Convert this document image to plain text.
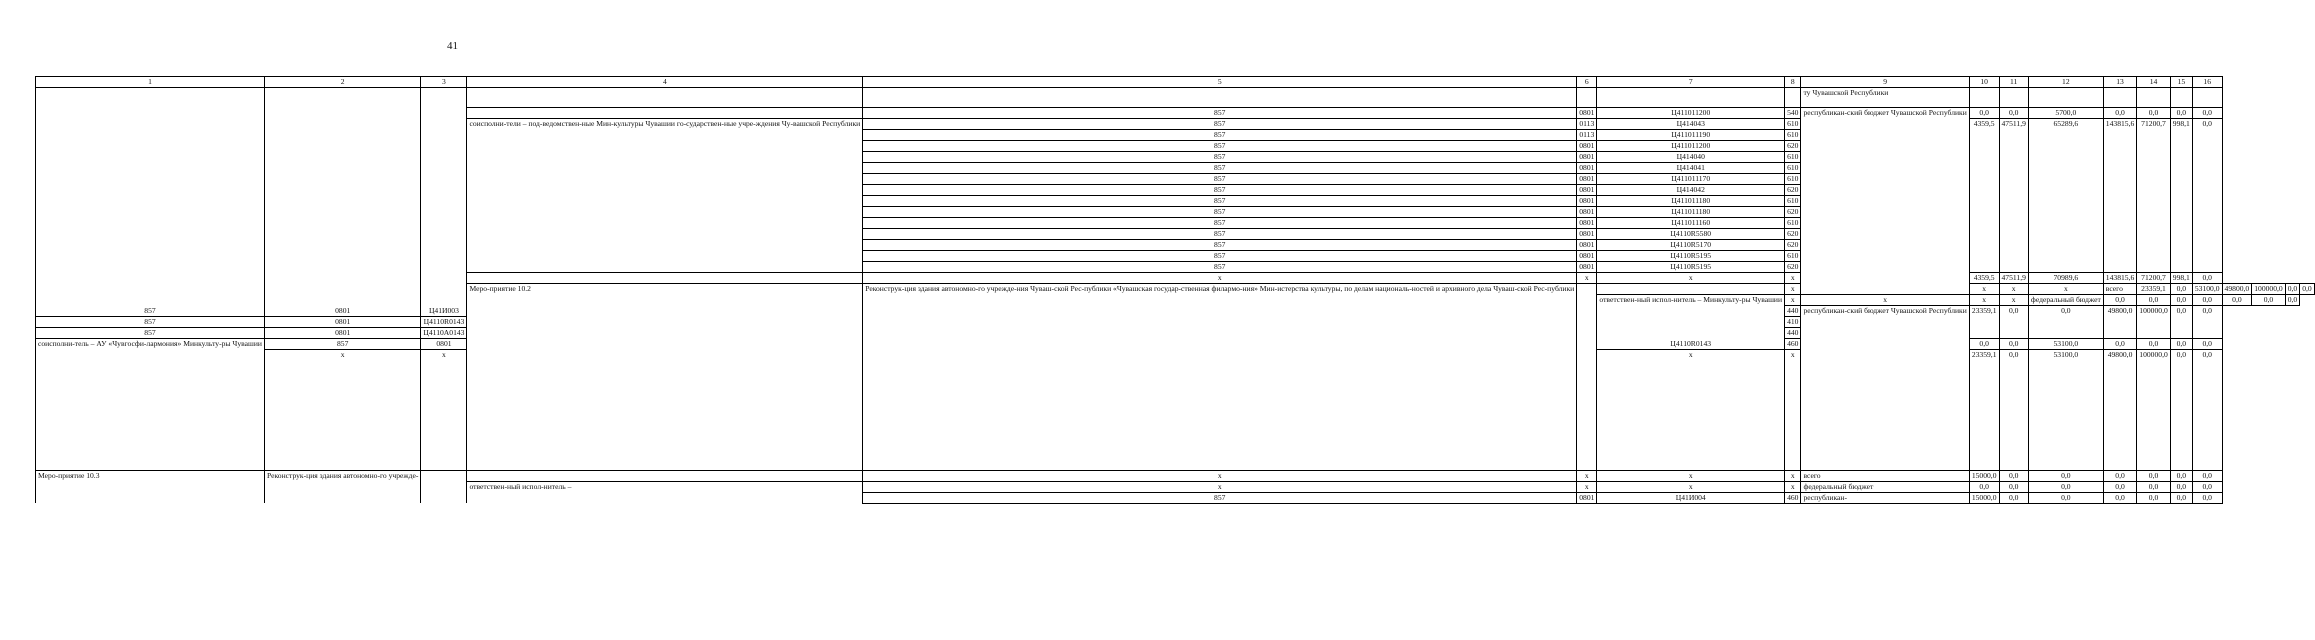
41
1	2	3	4	5	6	7	8	9	10	11	12	13	14	15	16				
								ту Чувашской Республики											
				857	0801	Ц411011200	540	республикан-ский бюджет Чувашской Республики	0,0	0,0	5700,0	0,0	0,0	0,0	0,0				
			соисполни-тели – под-ведомствен-ные Мин-культуры Чувашии го-сударствен-ные учре-ждения Чу-вашской Республики	857	0113	Ц414043	610		4359,5	47511,9	65289,6	143815,6	71200,7	998,1	0,0				
				857	0113	Ц411011190	610												
				857	0801	Ц411011200	620												
				857	0801	Ц414040	610												
				857	0801	Ц414041	610												
				857	0801	Ц411011170	610												
				857	0801	Ц414042	620												
				857	0801	Ц411011180	610												
				857	0801	Ц411011180	620												
				857	0801	Ц411011160	610												
				857	0801	Ц4110R5580	620												
				857	0801	Ц4110R5170	620												
				857	0801	Ц4110R5195	610												
				857	0801	Ц4110R5195	620												
				x	x	x	x		4359,5	47511,9	70989,6	143815,6	71200,7	998,1	0,0				
			Меро-приятие 10.2	Реконструк-ция здания автономно-го учрежде-ния Чуваш-ской Рес-публики «Чувашская государ-ственная филармо-ния» Мин-истерства культуры, по делам националь-ностей и архивного дела Чуваш-ской Рес-публики			x		x	x	x	всего	23359,1	0,0	53100,0	49800,0	100000,0	0,0	0,0
						ответствен-ный испол-нитель – Минкульту-ры Чувашии	x	x	x	x	федеральный бюджет	0,0	0,0	0,0	0,0	0,0	0,0	0,0	
857	0801	Ц41И003					440	республикан-ский бюджет Чувашской Республики	23359,1	0,0	0,0	49800,0	100000,0	0,0	0,0				
857	0801	Ц4110R0143					410												
857	0801	Ц4110А0143					440												
соисполни-тель – АУ «Чувгосфи-лармония» Минкульту-ры Чувашии	857	0801				Ц4110R0143	460		0,0	0,0	53100,0	0,0	0,0	0,0	0,0				
	x	x				x	x		23359,1	0,0	53100,0	49800,0	100000,0	0,0	0,0				

Меро-приятие 10.3	Реконструк-ция здания автономно-го учрежде-			x	x	x	x	всего	15000,0	0,0	0,0	0,0	0,0	0,0	0,0				
			ответствен-ный испол-нитель –	x	x	x	x	федеральный бюджет	0,0	0,0	0,0	0,0	0,0	0,0	0,0				
				857	0801	Ц41И004	460	республикан-	15000,0	0,0	0,0	0,0	0,0	0,0	0,0				
